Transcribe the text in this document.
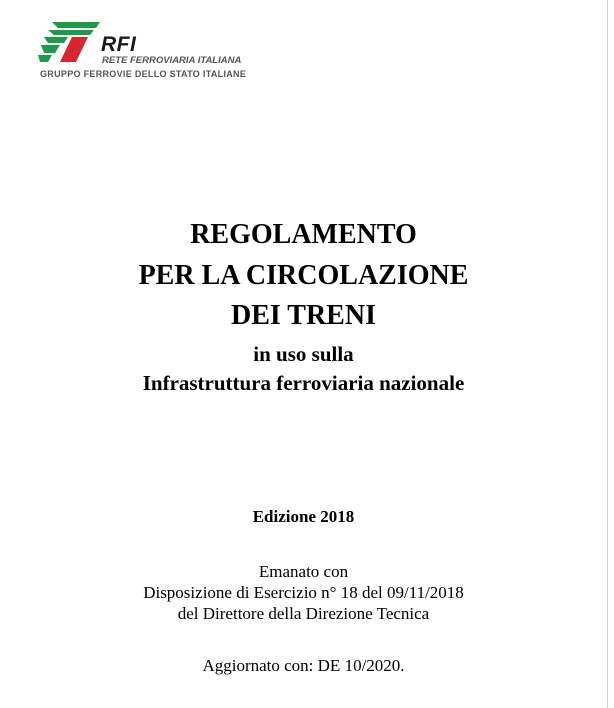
RFI
RETE FERROVIARIA ITALIANA
GRUPPO FERROVIE DELLO STATO ITALIANE
REGOLAMENTO
PER LA CIRCOLAZIONE
DEI TRENI
in uso sulla
Infrastruttura ferroviaria nazionale
Edizione 2018
Emanato con
Disposizione di Esercizio n° 18 del 09/11/2018
del Direttore della Direzione Tecnica
Aggiornato con: DE 10/2020.
